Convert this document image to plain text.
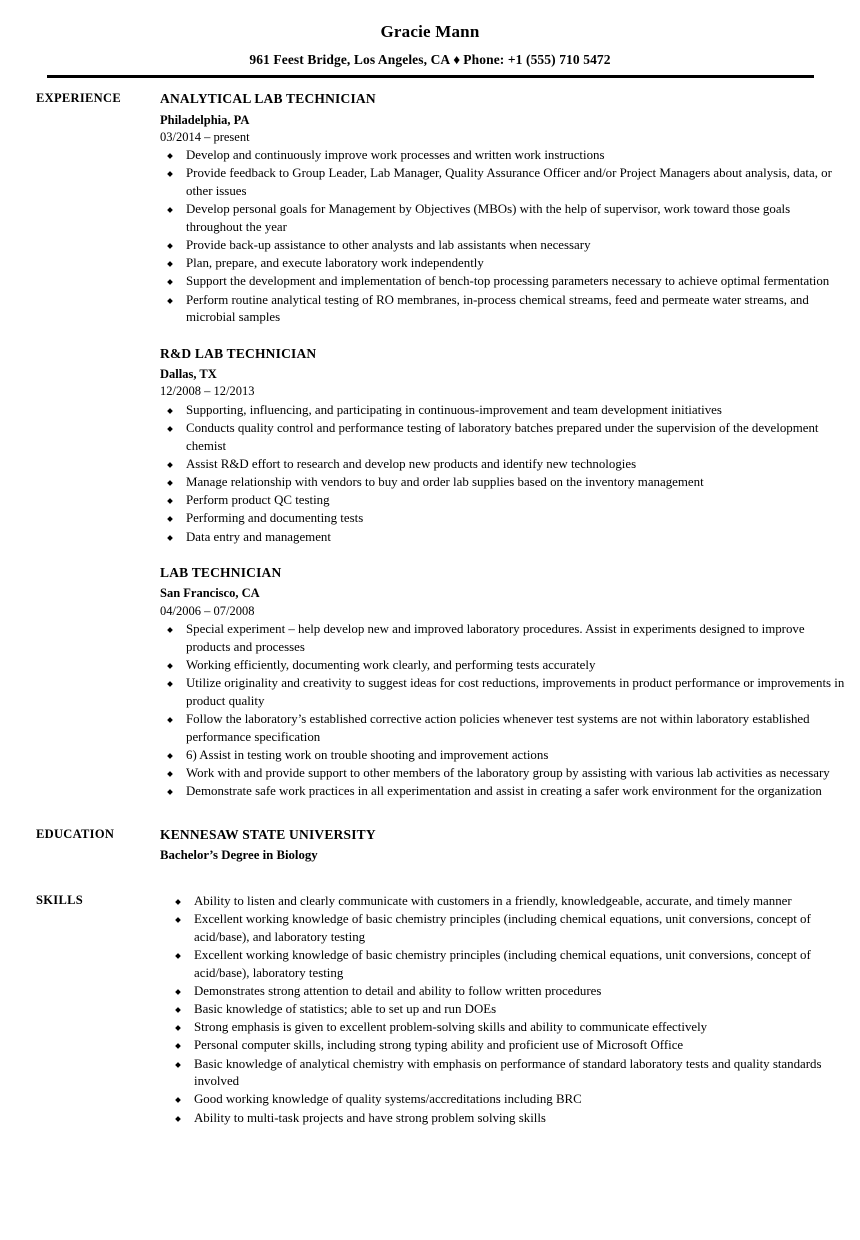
Gracie Mann
961 Feest Bridge, Los Angeles, CA ♦ Phone: +1 (555) 710 5472
EXPERIENCE	ANALYTICAL LAB TECHNICIAN
Philadelphia, PA
03/2014 – present
Develop and continuously improve work processes and written work instructions
Provide feedback to Group Leader, Lab Manager, Quality Assurance Officer and/or Project Managers about analysis, data, or other issues
Develop personal goals for Management by Objectives (MBOs) with the help of supervisor, work toward those goals throughout the year
Provide back-up assistance to other analysts and lab assistants when necessary
Plan, prepare, and execute laboratory work independently
Support the development and implementation of bench-top processing parameters necessary to achieve optimal fermentation
Perform routine analytical testing of RO membranes, in-process chemical streams, feed and permeate water streams, and microbial samples
R&D LAB TECHNICIAN
Dallas, TX
12/2008 – 12/2013
Supporting, influencing, and participating in continuous-improvement and team development initiatives
Conducts quality control and performance testing of laboratory batches prepared under the supervision of the development chemist
Assist R&D effort to research and develop new products and identify new technologies
Manage relationship with vendors to buy and order lab supplies based on the inventory management
Perform product QC testing
Performing and documenting tests
Data entry and management
LAB TECHNICIAN
San Francisco, CA
04/2006 – 07/2008
Special experiment – help develop new and improved laboratory procedures. Assist in experiments designed to improve products and processes
Working efficiently, documenting work clearly, and performing tests accurately
Utilize originality and creativity to suggest ideas for cost reductions, improvements in product performance or improvements in product quality
Follow the laboratory’s established corrective action policies whenever test systems are not within laboratory established performance specification
6) Assist in testing work on trouble shooting and improvement actions
Work with and provide support to other members of the laboratory group by assisting with various lab activities as necessary
Demonstrate safe work practices in all experimentation and assist in creating a safer work environment for the organization
EDUCATION	KENNESAW STATE UNIVERSITY
Bachelor’s Degree in Biology
SKILLS	Ability to listen and clearly communicate with customers in a friendly, knowledgeable, accurate, and timely manner
Excellent working knowledge of basic chemistry principles (including chemical equations, unit conversions, concept of acid/base), and laboratory testing
Excellent working knowledge of basic chemistry principles (including chemical equations, unit conversions, concept of acid/base), laboratory testing
Demonstrates strong attention to detail and ability to follow written procedures
Basic knowledge of statistics; able to set up and run DOEs
Strong emphasis is given to excellent problem-solving skills and ability to communicate effectively
Personal computer skills, including strong typing ability and proficient use of Microsoft Office
Basic knowledge of analytical chemistry with emphasis on performance of standard laboratory tests and quality standards involved
Good working knowledge of quality systems/accreditations including BRC
Ability to multi-task projects and have strong problem solving skills
